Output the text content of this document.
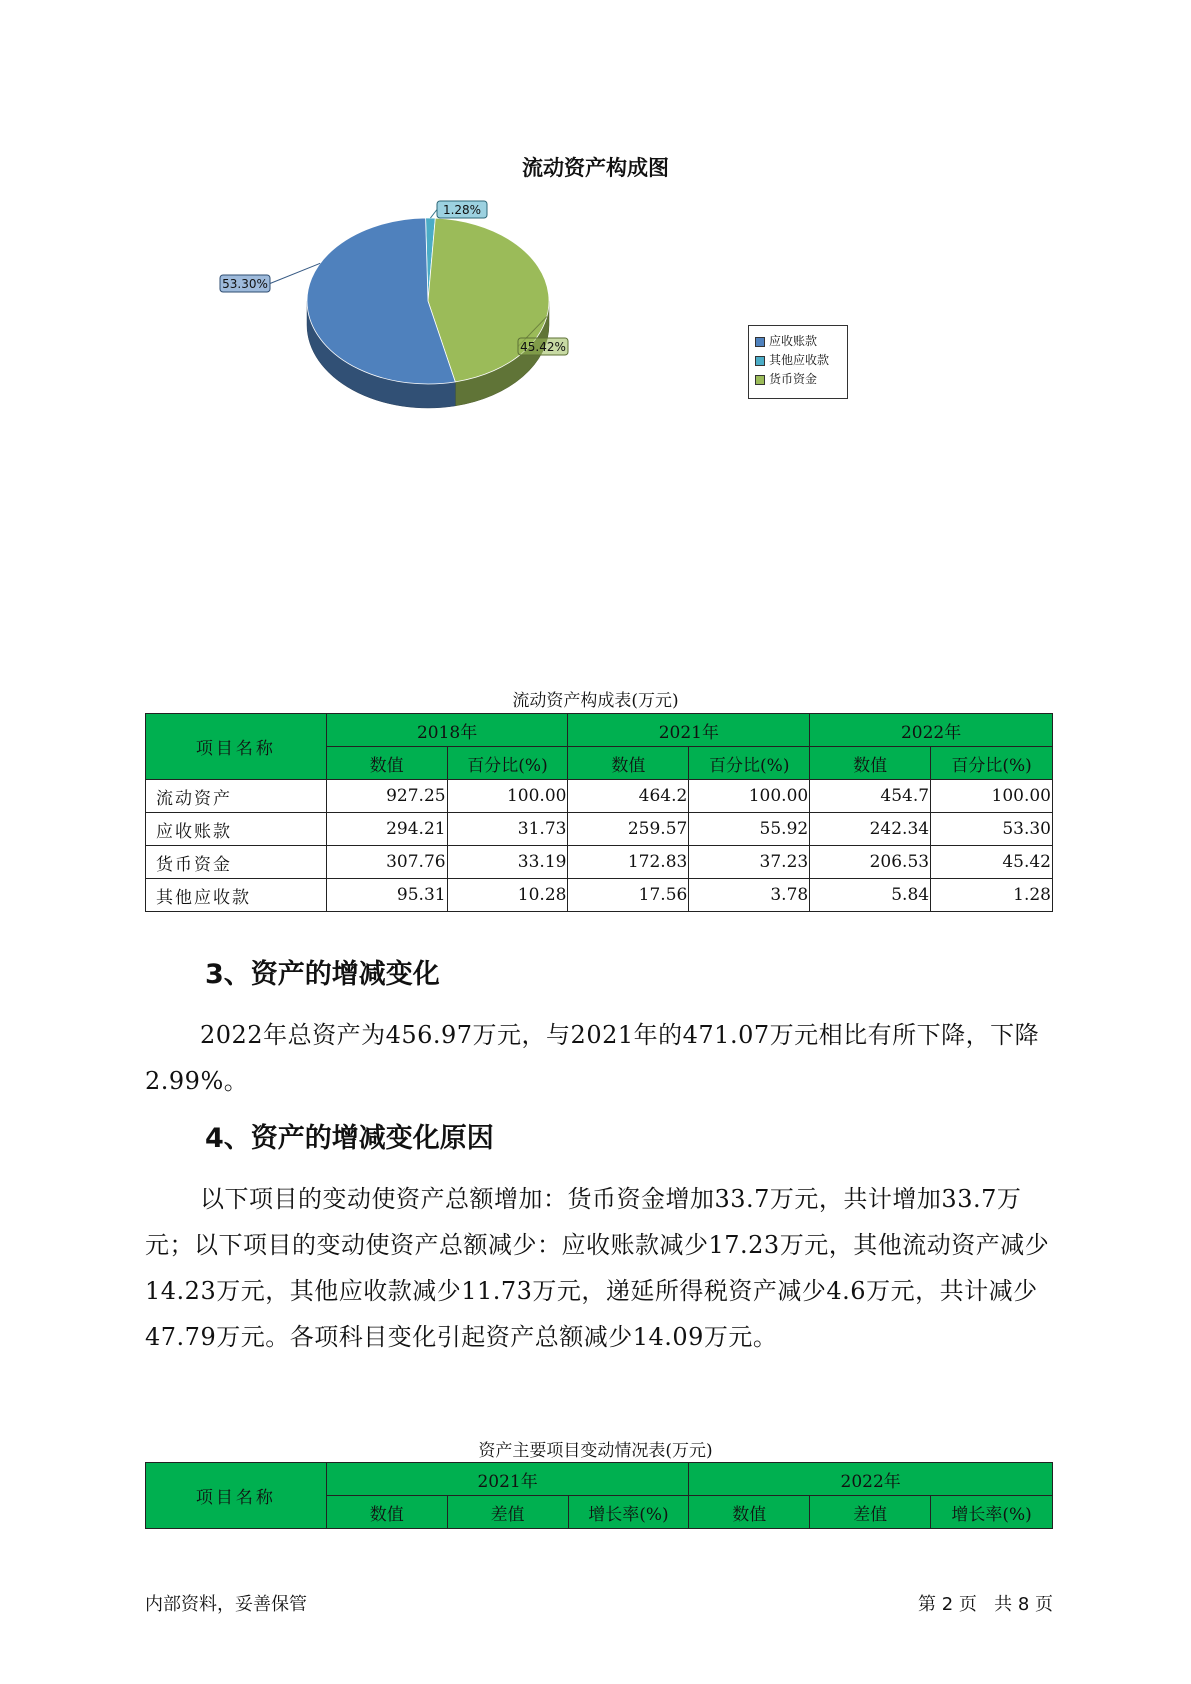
流动资产构成图
1.28%
45.42%
53.30%
应收账款
其他应收款
货币资金
流动资产构成表(万元)
项目名称	2018年		2021年		2022年	
	数值	百分比(%)	数值	百分比(%)	数值	百分比(%)
流动资产	927.25	100.00	464.2	100.00	454.7	100.00
应收账款	294.21	31.73	259.57	55.92	242.34	53.30
货币资金	307.76	33.19	172.83	37.23	206.53	45.42
其他应收款	95.31	10.28	17.56	3.78	5.84	1.28
3、资产的增减变化
2022年总资产为456.97万元，与2021年的471.07万元相比有所下降，下降2.99%。
4、资产的增减变化原因
以下项目的变动使资产总额增加：货币资金增加33.7万元，共计增加33.7万元；以下项目的变动使资产总额减少：应收账款减少17.23万元，其他流动资产减少14.23万元，其他应收款减少11.73万元，递延所得税资产减少4.6万元，共计减少47.79万元。各项科目变化引起资产总额减少14.09万元。
资产主要项目变动情况表(万元)
项目名称	2021年			2022年		
	数值	差值	增长率(%)	数值	差值	增长率(%)
内部资料，妥善保管	第 2 页   共 8 页
